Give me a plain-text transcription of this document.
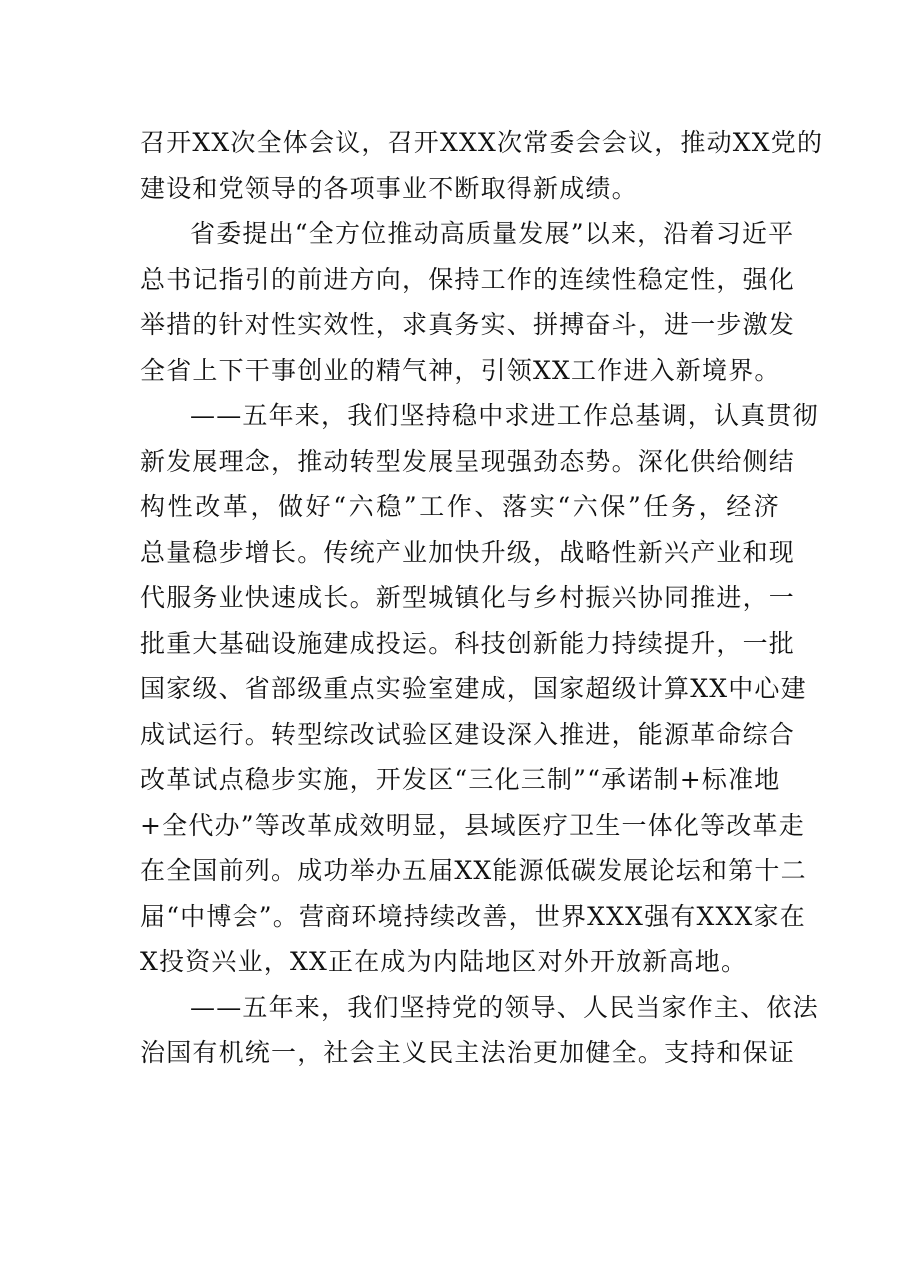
召开XX次全体会议，召开XXX次常委会会议，推动XX党的
建设和党领导的各项事业不断取得新成绩。

省委提出“全方位推动高质量发展”以来，沿着习近平
总书记指引的前进方向，保持工作的连续性稳定性，强化
举措的针对性实效性，求真务实、拼搏奋斗，进一步激发
全省上下干事创业的精气神，引领XX工作进入新境界。

——五年来，我们坚持稳中求进工作总基调，认真贯彻
新发展理念，推动转型发展呈现强劲态势。深化供给侧结
构性改革，做好“六稳”工作、落实“六保”任务，经济
总量稳步增长。传统产业加快升级，战略性新兴产业和现
代服务业快速成长。新型城镇化与乡村振兴协同推进，一
批重大基础设施建成投运。科技创新能力持续提升，一批
国家级、省部级重点实验室建成，国家超级计算XX中心建
成试运行。转型综改试验区建设深入推进，能源革命综合
改革试点稳步实施，开发区“三化三制”“承诺制+标准地
+全代办”等改革成效明显，县域医疗卫生一体化等改革走
在全国前列。成功举办五届XX能源低碳发展论坛和第十二
届“中博会”。营商环境持续改善，世界XXX强有XXX家在
X投资兴业，XX正在成为内陆地区对外开放新高地。

——五年来，我们坚持党的领导、人民当家作主、依法
治国有机统一，社会主义民主法治更加健全。支持和保证
